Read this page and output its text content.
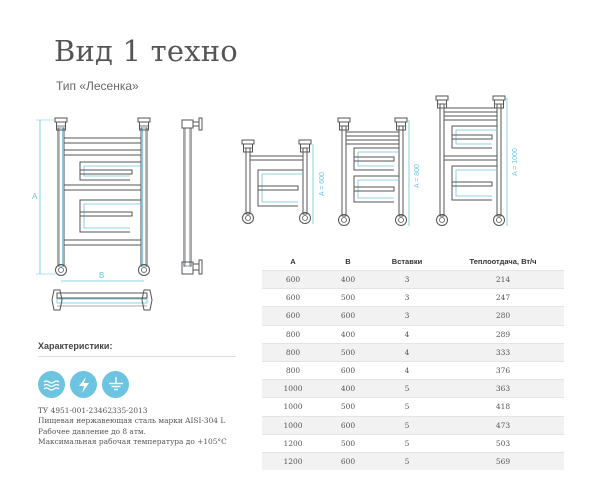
Вид 1 техно
Тип «Лесенка»
A
B
A = 600	A = 800
A = 1000
Характеристики:
ТУ 4951-001-23462335-2013
Пищевая нержавеющая сталь марки AISI-304 L
Рабочее давление до 8 атм.
Максимальная рабочая температура до +105°С
A	B	Вставки	Теплоотдача, Вт/ч
600	400	3	214
600	500	3	247
600	600	3	280
800	400	4	289
800	500	4	333
800	600	4	376
1000	400	5	363
1000	500	5	418
1000	600	5	473
1200	500	5	503
1200	600	5	569
